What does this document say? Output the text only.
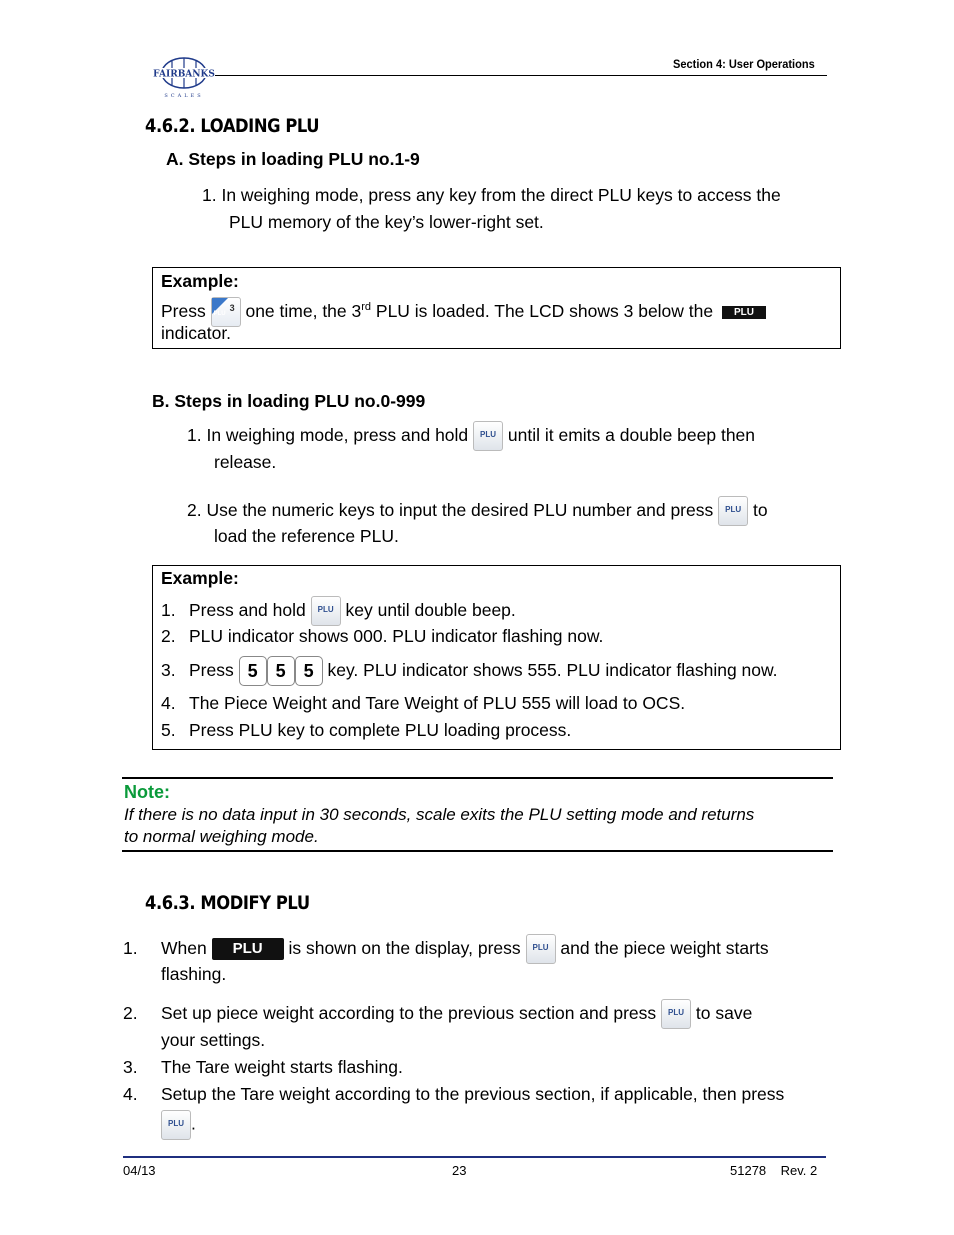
FAIRBANKS
SCALES
Section 4: User Operations
4.6.2. LOADING PLU
A. Steps in loading PLU no.1-9
1. In weighing mode, press any key from the direct PLU keys to access the
PLU memory of the key’s lower-right set.
Example:
Press PLU
3 one time, the 3rd PLU is loaded. The LCD shows 3 below the PLU
indicator.
B. Steps in loading PLU no.0-999
1. In weighing mode, press and hold PLU until it emits a double beep then
release.
2. Use the numeric keys to input the desired PLU number and press PLU to
load the reference PLU.
Example:
1. Press and hold PLU key until double beep.
2. PLU indicator shows 000. PLU indicator flashing now.
3. Press 5 5 5 key. PLU indicator shows 555. PLU indicator flashing now.
4. The Piece Weight and Tare Weight of PLU 555 will load to OCS.
5. Press PLU key to complete PLU loading process.
Note:
If there is no data input in 30 seconds, scale exits the PLU setting mode and returns
to normal weighing mode.
4.6.3. MODIFY PLU
1. When PLU is shown on the display, press PLU and the piece weight starts
flashing.
2. Set up piece weight according to the previous section and press PLU to save
your settings.
3. The Tare weight starts flashing.
4. Setup the Tare weight according to the previous section, if applicable, then press
PLU .
04/13	23	51278    Rev. 2
